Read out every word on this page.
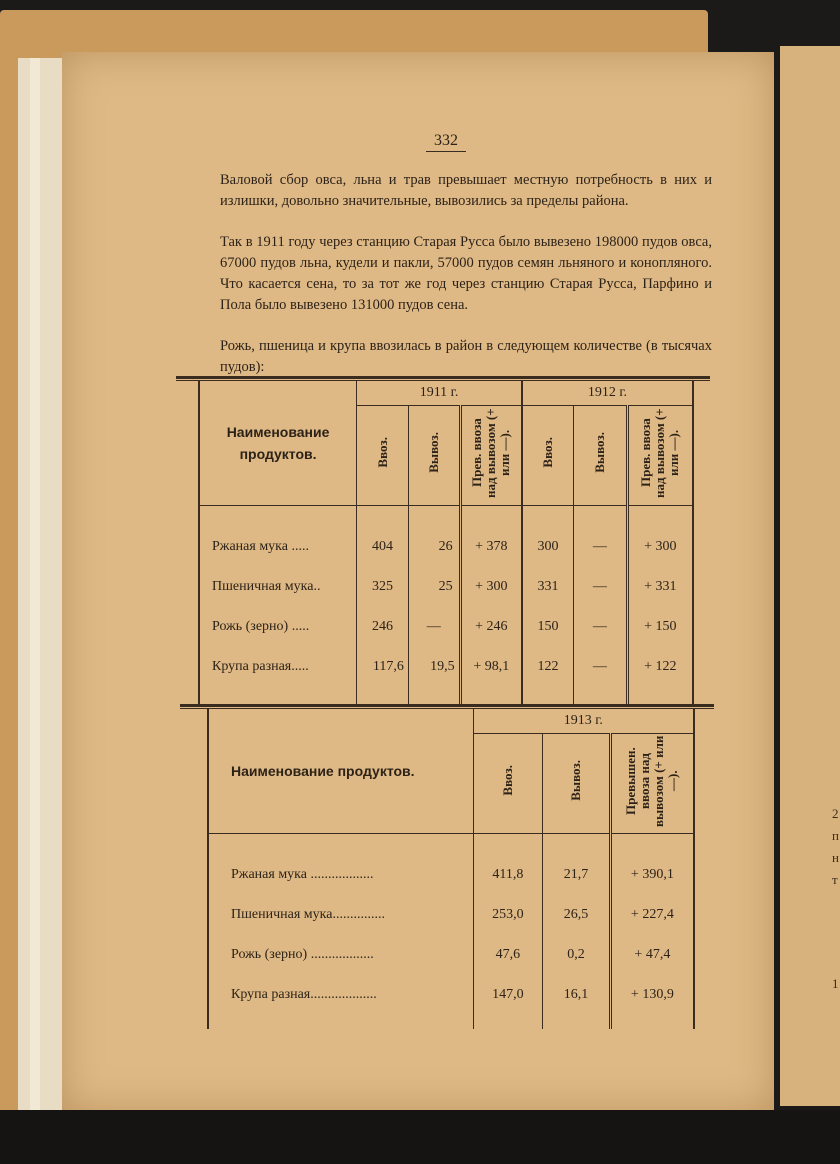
2
п
н
т
1
332
Валовой сбор овса, льна и трав превышает местную потребность в них и излишки, довольно значительные, вывозились за пределы района.
Так в 1911 году через станцию Старая Русса было вывезено 198000 пудов овса, 67000 пудов льна, кудели и пакли, 57000 пудов семян льняного и конопляного. Что касается сена, то за тот же год через станцию Старая Русса, Парфино и Пола было вывезено 131000 пудов сена.
Рожь, пшеница и крупа ввозилась в район в следующем количестве (в тысячах пудов):
Наименование продуктов.	1911 г.			1912 г.		
	Ввоз.	Вывоз.	Прев. ввоза над вывозом (+ или —).	Ввоз.	Вывоз.	Прев. ввоза над вывозом (+ или —).

Ржаная мука .....	404	26	+ 378	300	—	+ 300
Пшеничная мука..	325	25	+ 300	331	—	+ 331
Рожь (зерно) .....	246	—	+ 246	150	—	+ 150
Крупа разная.....	117,6	19,5	+ 98,1	122	—	+ 122

Наименование продуктов.	1913 г.		
	Ввоз.	Вывоз.	Превышен. ввоза над вывозом (+ или —).

Ржаная мука ..................	411,8	21,7	+ 390,1
Пшеничная мука...............	253,0	26,5	+ 227,4
Рожь (зерно) ..................	47,6	0,2	+ 47,4
Крупа разная...................	147,0	16,1	+ 130,9
